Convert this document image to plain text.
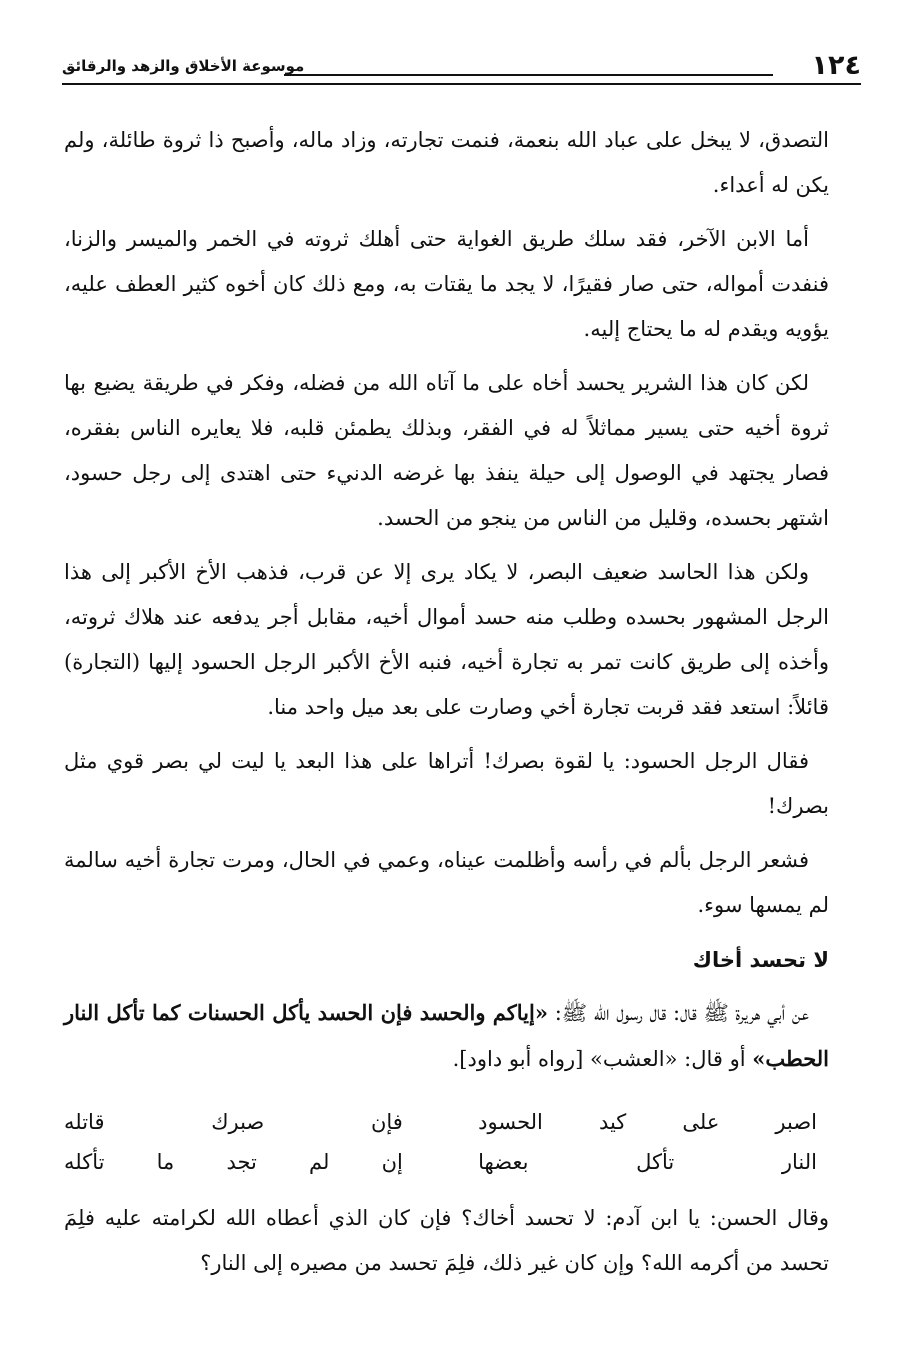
١٢٤
موسوعة الأخلاق والزهد والرقائق

التصدق، لا يبخل على عباد الله بنعمة، فنمت تجارته، وزاد ماله، وأصبح ذا ثروة طائلة، ولم يكن له أعداء.

أما الابن الآخر، فقد سلك طريق الغواية حتى أهلك ثروته في الخمر والميسر والزنا، فنفدت أمواله، حتى صار فقيرًا، لا يجد ما يقتات به، ومع ذلك كان أخوه كثير العطف عليه، يؤويه ويقدم له ما يحتاج إليه.

لكن كان هذا الشرير يحسد أخاه على ما آتاه الله من فضله، وفكر في طريقة يضيع بها ثروة أخيه حتى يسير مماثلاً له في الفقر، وبذلك يطمئن قلبه، فلا يعايره الناس بفقره، فصار يجتهد في الوصول إلى حيلة ينفذ بها غرضه الدنيء حتى اهتدى إلى رجل حسود، اشتهر بحسده، وقليل من الناس من ينجو من الحسد.

ولكن هذا الحاسد ضعيف البصر، لا يكاد يرى إلا عن قرب، فذهب الأخ الأكبر إلى هذا الرجل المشهور بحسده وطلب منه حسد أموال أخيه، مقابل أجر يدفعه عند هلاك ثروته، وأخذه إلى طريق كانت تمر به تجارة أخيه، فنبه الأخ الأكبر الرجل الحسود إليها (التجارة) قائلاً: استعد فقد قربت تجارة أخي وصارت على بعد ميل واحد منا.

فقال الرجل الحسود: يا لقوة بصرك! أتراها على هذا البعد يا ليت لي بصر قوي مثل بصرك!

فشعر الرجل بألم في رأسه وأظلمت عيناه، وعمي في الحال، ومرت تجارة أخيه سالمة لم يمسها سوء.

لا تحسد أخاك

عن أبي هريرة ﷺ قال: قال رسول الله ﷺ: «إياكم والحسد فإن الحسد يأكل الحسنات كما تأكل النار الحطب» أو قال: «العشب» [رواه أبو داود].

اصبر على كيد الحسود
فإن صبرك قاتله
النار تأكل بعضها
إن لم تجد ما تأكله

وقال الحسن: يا ابن آدم: لا تحسد أخاك؟ فإن كان الذي أعطاه الله لكرامته عليه فلِمَ تحسد من أكرمه الله؟ وإن كان غير ذلك، فلِمَ تحسد من مصيره إلى النار؟
